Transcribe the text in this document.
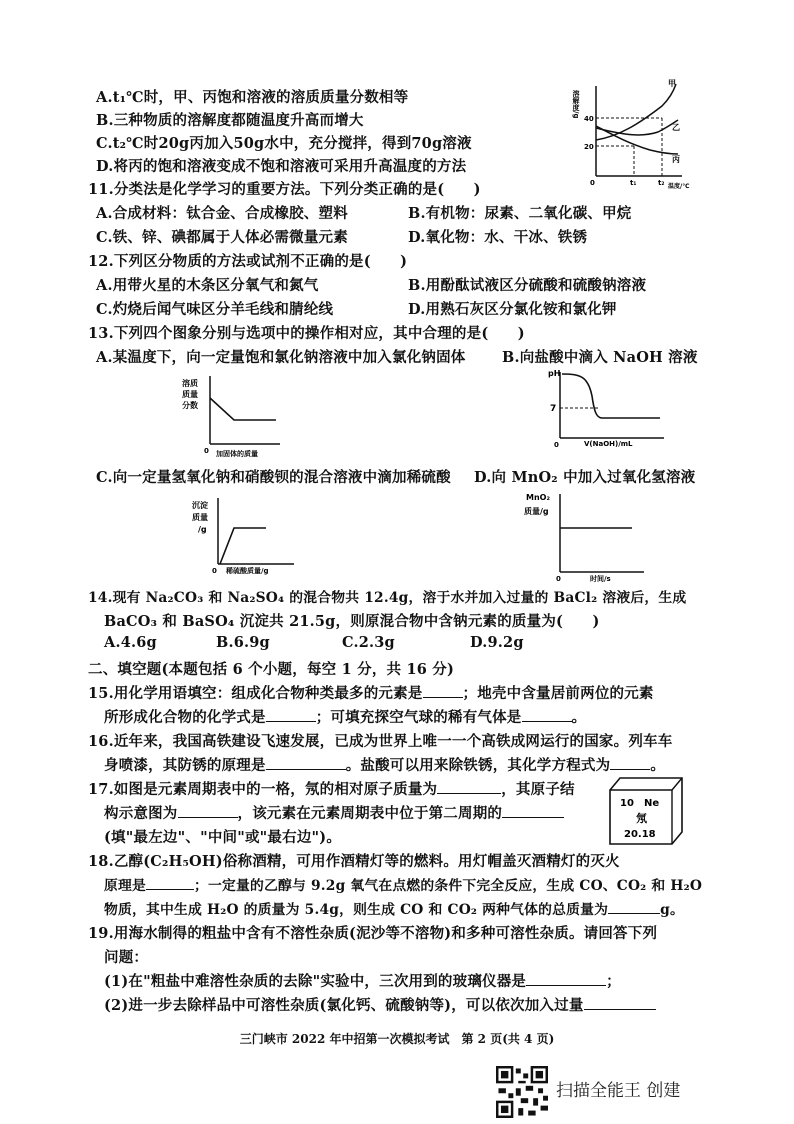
A.t₁℃时，甲、丙饱和溶液的溶质质量分数相等
B.三种物质的溶解度都随温度升高而增大
C.t₂℃时20g丙加入50g水中，充分搅拌，得到70g溶液
D.将丙的饱和溶液变成不饱和溶液可采用升高温度的方法
溶解度/g
40
20
0	t₁	t₂ 温度/℃
甲
乙
丙
11.分类法是化学学习的重要方法。下列分类正确的是(　　)
A.合成材料：钛合金、合成橡胶、塑料	B.有机物：尿素、二氧化碳、甲烷
C.铁、锌、碘都属于人体必需微量元素	D.氧化物：水、干冰、铁锈
12.下列区分物质的方法或试剂不正确的是(　　)
A.用带火星的木条区分氧气和氮气	B.用酚酞试液区分硫酸和硫酸钠溶液
C.灼烧后闻气味区分羊毛线和腈纶线	D.用熟石灰区分氯化铵和氯化钾
13.下列四个图象分别与选项中的操作相对应，其中合理的是(　　)
A.某温度下，向一定量饱和氯化钠溶液中加入氯化钠固体	B.向盐酸中滴入 NaOH 溶液
溶质
质量
分数
0 加固体的质量
pH
7
0	V(NaOH)/mL
C.向一定量氢氧化钠和硝酸钡的混合溶液中滴加稀硫酸 D.向 MnO₂ 中加入过氧化氢溶液
沉淀
质量
/g
0 稀硫酸质量/g
MnO₂
质量/g
0	时间/s
14.现有 Na₂CO₃ 和 Na₂SO₄ 的混合物共 12.4g，溶于水并加入过量的 BaCl₂ 溶液后，生成
BaCO₃ 和 BaSO₄ 沉淀共 21.5g，则原混合物中含钠元素的质量为(　　)
A.4.6g	B.6.9g	C.2.3g	D.9.2g
二、填空题(本题包括 6 个小题，每空 1 分，共 16 分)
15.用化学用语填空：组成化合物种类最多的元素是	；地壳中含量居前两位的元素
所形成化合物的化学式是	；可填充探空气球的稀有气体是	。
16.近年来，我国高铁建设飞速发展，已成为世界上唯一一个高铁成网运行的国家。列车车
身喷漆，其防锈的原理是	。盐酸可以用来除铁锈，其化学方程式为	。
17.如图是元素周期表中的一格，氖的相对原子质量为	，其原子结
构示意图为	，该元素在元素周期表中位于第二周期的
(填"最左边"、"中间"或"最右边")。
10 Ne
氖
20.18
18.乙醇(C₂H₅OH)俗称酒精，可用作酒精灯等的燃料。用灯帽盖灭酒精灯的灭火
原理是	；一定量的乙醇与 9.2g 氧气在点燃的条件下完全反应，生成 CO、CO₂ 和 H₂O
物质，其中生成 H₂O 的质量为 5.4g，则生成 CO 和 CO₂ 两种气体的总质量为	g。
19.用海水制得的粗盐中含有不溶性杂质(泥沙等不溶物)和多种可溶性杂质。请回答下列
问题：
(1)在"粗盐中难溶性杂质的去除"实验中，三次用到的玻璃仪器是	；
(2)进一步去除样品中可溶性杂质(氯化钙、硫酸钠等)，可以依次加入过量
三门峡市 2022 年中招第一次模拟考试　第 2 页(共 4 页)
扫描全能王 创建
